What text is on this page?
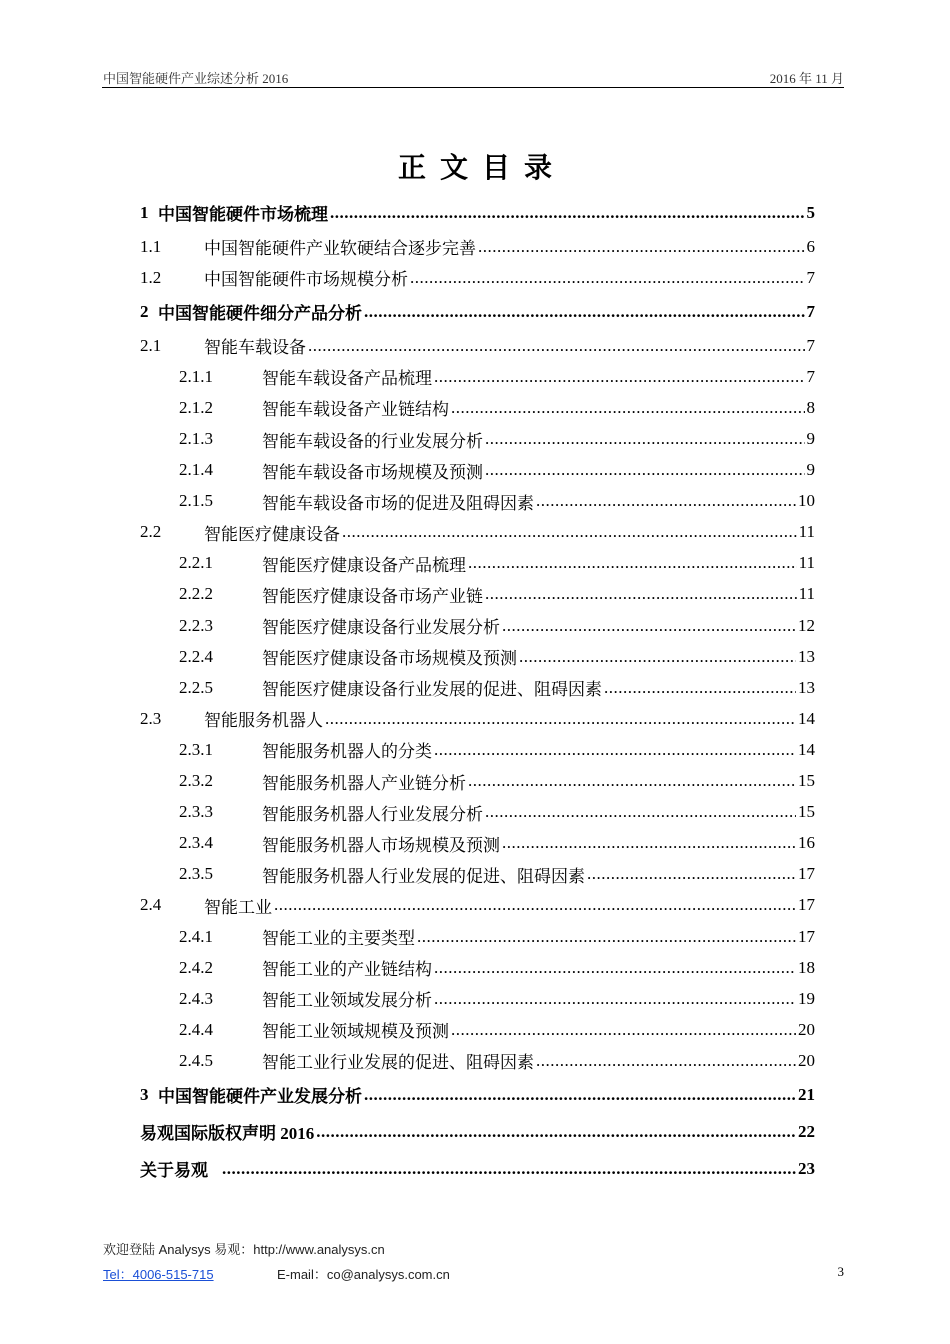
中国智能硬件产业综述分析 2016	2016 年 11 月
正文目录
1 中国智能硬件市场梳理 .....	5
1.1	中国智能硬件产业软硬结合逐步完善 .....	6
1.2	中国智能硬件市场规模分析 .....	7
2 中国智能硬件细分产品分析 .....	7
2.1	智能车载设备 .....	7
2.1.1	智能车载设备产品梳理 .....	7
2.1.2	智能车载设备产业链结构 .....	8
2.1.3	智能车载设备的行业发展分析 .....	9
2.1.4	智能车载设备市场规模及预测 .....	9
2.1.5	智能车载设备市场的促进及阻碍因素 .....	10
2.2	智能医疗健康设备 .....	11
2.2.1	智能医疗健康设备产品梳理 .....	11
2.2.2	智能医疗健康设备市场产业链 .....	11
2.2.3	智能医疗健康设备行业发展分析 .....	12
2.2.4	智能医疗健康设备市场规模及预测 .....	13
2.2.5	智能医疗健康设备行业发展的促进、阻碍因素 .....	13
2.3	智能服务机器人 .....	14
2.3.1	智能服务机器人的分类 .....	14
2.3.2	智能服务机器人产业链分析 .....	15
2.3.3	智能服务机器人行业发展分析 .....	15
2.3.4	智能服务机器人市场规模及预测 .....	16
2.3.5	智能服务机器人行业发展的促进、阻碍因素 .....	17
2.4	智能工业 .....	17
2.4.1	智能工业的主要类型 .....	17
2.4.2	智能工业的产业链结构 .....	18
2.4.3	智能工业领域发展分析 .....	19
2.4.4	智能工业领域规模及预测 .....	20
2.4.5	智能工业行业发展的促进、阻碍因素 .....	20
3 中国智能硬件产业发展分析 .....	21
易观国际版权声明 2016 .....	22
关于易观 .....	23
欢迎登陆 Analysys 易观：http://www.analysys.cn
Tel：4006-515-715	E-mail：co@analysys.com.cn	3
